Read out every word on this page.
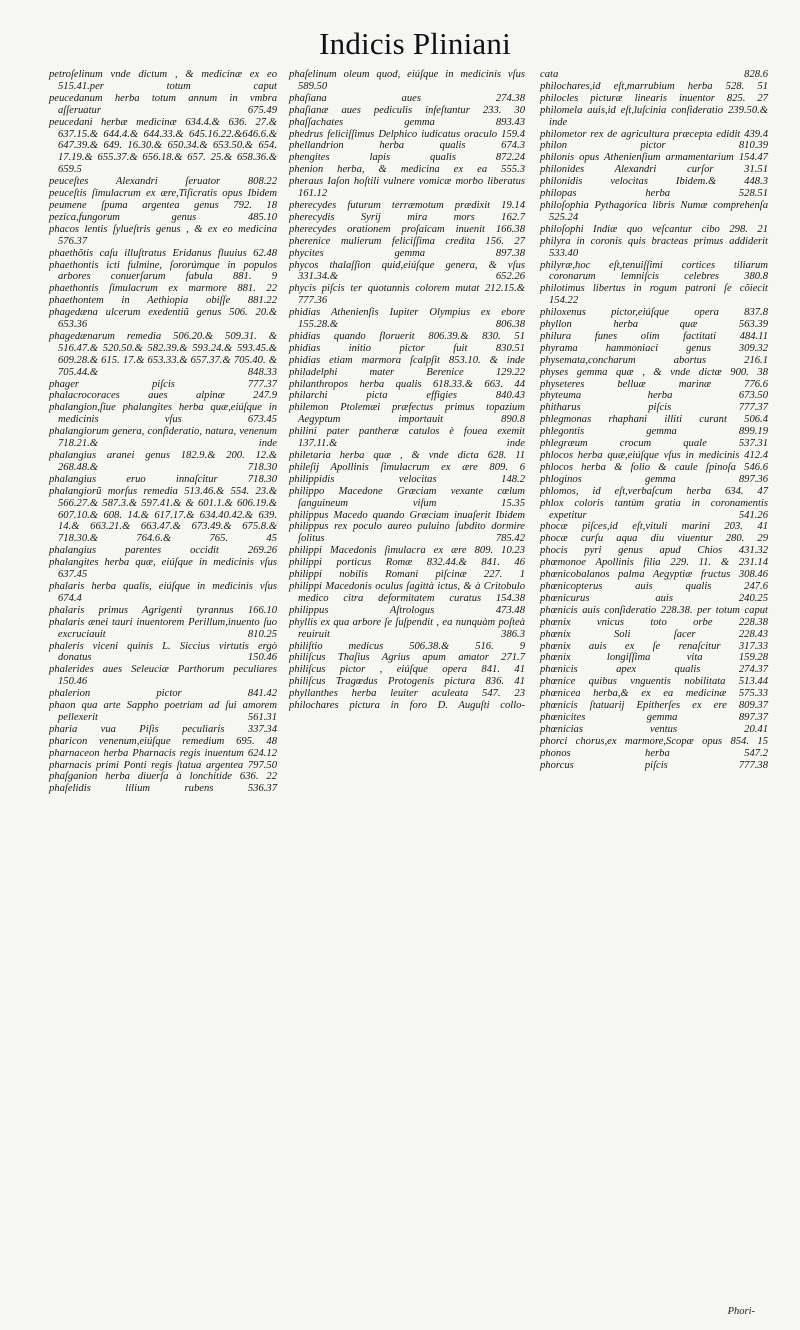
Indicis Pliniani
petroſelinum vnde dictum , & medicinæ ex eo 515.41.per totum caput
peucedanum herba totum annum in vmbra aſſeruatur 675.49
peucedani herbæ medicinæ 634.4.& 636. 27.& 637.15.& 644.4.& 644.33.& 645.16.22.&646.6.& 647.39.& 649. 16.30.& 650.34.& 653.50.& 654. 17.19.& 655.37.& 656.18.& 657. 25.& 658.36.& 659.5
peuceſtes Alexandri ſeruator 808.22
peuceſtis ſimulacrum ex ære,Tiſicratis opus Ibidem
peumene ſpuma argentea genus 792. 18
pezica,fungorum genus 485.10
phacos lentis ſylueſtris genus , & ex eo medicina 576.37
phaethõtis caſu illuſtratus Eridanus fluuius 62.48
phaethontis icti fulmine, ſororúmque in populos arbores conuerſarum fabula 881. 9
phaethontis ſimulacrum ex marmore 881. 22
phaethontem in Aethiopia obiſſe 881.22
phagedæna ulcerum exedentiũ genus 506. 20.& 653.36
phagedænarum remedia 506.20.& 509.31. & 516.47.& 520.50.& 582.39.& 593.24.& 593.45.& 609.28.& 615. 17.& 653.33.& 657.37.& 705.40. & 705.44.& 848.33
phager piſcis 777.37
phalacrocoraces aues alpinæ 247.9
phalangion,ſiue phalangites herba quæ,eiúſque in medicinis vſus 673.45
phalangiorum genera, conſideratio, natura, venenum 718.21.& inde
phalangius aranei genus 182.9.& 200. 12.& 268.48.& 718.30
phalangius eruo innaſcitur 718.30
phalangiorũ morſus remedia 513.46.& 554. 23.& 566.27.& 587.3.& 597.41.& & 601.1.& 606.19.& 607.10.& 608. 14.& 617.17.& 634.40.42.& 639. 14.& 663.21.& 663.47.& 673.49.& 675.8.& 718.30.& 764.6.& 765. 45
phalangius parentes occidit 269.26
phalangites herba quæ, eiúſque in medicinis vſus 637.45
phalaris herba qualis, eiúſque in medicinis vſus 674.4
phalaris primus Agrigenti tyrannus 166.10
phalaris ænei tauri inuentorem Perillum,inuento ſuo excruciauit 810.25
phaleris viceni quinis L. Siccius virtutis ergò donatus 150.46
phalerides aues Seleuciæ Parthorum peculiares 150.46
phalerion pictor 841.42
phaon qua arte Sappho poetriam ad ſui amorem pellexerit 561.31
pharia vua Piſis peculiaris 337.34
pharicon venenum,eiúſque remedium 695. 48
pharnaceon herba Pharnacis regis inuentum 624.12
pharnacis primi Ponti regis ſtatua argentea 797.50
phaſganion herba diuerſa à lonchitide 636. 22
phaſelidis lilium rubens 536.37
phaſelinum oleum quod, eiúſque in medicinis vſus 589.50
phaſiana aues 274.38
phaſianæ aues pediculis infeſtantur 233. 30
phaſſachates gemma 893.43
phedrus feliciſſimus Delphico iudicatus oraculo 159.4
phellandrion herba qualis 674.3
phengites lapis qualis 872.24
phenion herba, & medicina ex ea 555.3
pheraus Iaſon hoſtili vulnere vomicæ morbo liberatus 161.12
pherecydes futurum terræmotum prædixit 19.14
pherecydis Syrij mira mors 162.7
pherecydes orationem proſaicam inuenit 166.38
pherenice mulierum feliciſſima credita 156. 27
phycites gemma 897.38
phycos thalaſſion quid,eiúſque genera, & vſus 331.34.& 652.26
phycis piſcis ter quotannis colorem mutat 212.15.& 777.36
phidias Athenienſis Iupiter Olympius ex ebore 155.28.& 806.38
phidias quando floruerit 806.39.& 830. 51
phidias initio pictor fuit 830.51
phidias etiam marmora ſcalpſit 853.10. & inde
philadelphi mater Berenice 129.22
philanthropos herba qualis 618.33.& 663. 44
philarchi picta effigies 840.43
philemon Ptolemæi præfectus primus topazium Aegyptum importauit 890.8
philini pater pantheræ catulos è fouea exemit 137.11.& inde
philetaria herba quæ , & vnde dicta 628. 11
phileſij Apollinis ſimulacrum ex ære 809. 6
philippidis velocitas 148.2
philippo Macedone Græciam vexante cœlum ſanguineum viſum 15.35
philippus Macedo quando Græciam inuaſerit Ibidem
philippus rex poculo aureo puluino ſubdito dormire ſolitus 785.42
philippi Macedonis ſimulacra ex ære 809. 10.23
philippi porticus Romæ 832.44.& 841. 46
philippi nobilis Romani piſcinæ 227. 1
philippi Macedonis oculus ſagittà ictus, & à Critobulo medico citra deformitatem curatus 154.38
philippus Aſtrologus 473.48
phyllis ex qua arbore ſe ſuſpendit , ea nunquàm poſteà reuiruit 386.3
philiſtio medicus 506.38.& 516. 9
philiſcus Thaſius Agrius apum amator 271.7
philiſcus pictor , eiúſque opera 841. 41
philiſcus Tragœdus Protogenis pictura 836. 41
phyllanthes herba leuiter aculeata 547. 23
philochares pictura in foro D. Auguſti collo-
cata 828.6
philochares,id eſt,marrubium herba 528. 51
philocles picturæ linearis inuentor 825. 27
philomela auis,id eſt,luſcinia conſideratio 239.50.& inde
philometor rex de agricultura præcepta edidit 439.4
philon pictor 810.39
philonis opus Athenienſium armamentarium 154.47
philonides Alexandri curſor 31.51
philonidis velocitas Ibidem.& 448.3
philopas herba 528.51
philoſophia Pythagorica libris Numæ comprehenſa 525.24
philoſophi Indiæ quo veſcantur cibo 298. 21
philyra in coronis quis bracteas primus addiderit 533.40
philyræ,hoc eſt,tenuiſſimi cortices tiliarum coronarum lemniſcis celebres 380.8
philotimus libertus in rogum patroni ſe cõiecit 154.22
philoxenus pictor,eiúſque opera 837.8
phyllon herba quæ 563.39
philura funes olim factitati 484.11
phyrama hammoniaci genus 309.32
physemata,concharum abortus 216.1
physes gemma quæ , & vnde dictæ 900. 38
physeteres belluæ marinæ 776.6
phyteuma herba 673.50
phitharus piſcis 777.37
phlegmonas rhaphani illiti curant 506.4
phlegontis gemma 899.19
phlegræum crocum quale 537.31
phlocos herba quæ,eiúſque vſus in medicinis 412.4
phlocos herba & folio & caule ſpinoſa 546.6
phloginos gemma 897.36
phlomos, id eſt,verbaſcum herba 634. 47
phlox coloris tantùm gratia in coronamentis expetitur 541.26
phocæ piſces,id eſt,vituli marini 203. 41
phocæ curſu aqua diu viuentur 280. 29
phocis pyri genus apud Chios 431.32
phœmonoe Apollinis filia 229. 11. & 231.14
phœnicobalanos palma Aegyptiæ fructus 308.46
phœnicopterus auis qualis 247.6
phœnicurus auis 240.25
phœnicis auis conſideratio 228.38. per totum caput
phœnix vnicus toto orbe 228.38
phœnix Soli ſacer 228.43
phœnix auis ex ſe renaſcitur 317.33
phœnix longiſſima vita 159.28
phœnicis apex qualis 274.37
phœnice quibus vnguentis nobilitata 513.44
phœnicea herba,& ex ea medicinæ 575.33
phœnicis ſtatuarij Epitherſes ex ere 809.37
phœnicites gemma 897.37
phœnicias ventus 20.41
phorci chorus,ex marmore,Scopæ opus 854. 15
phonos herba 547.2
phorcus piſcis 777.38
Phori-
